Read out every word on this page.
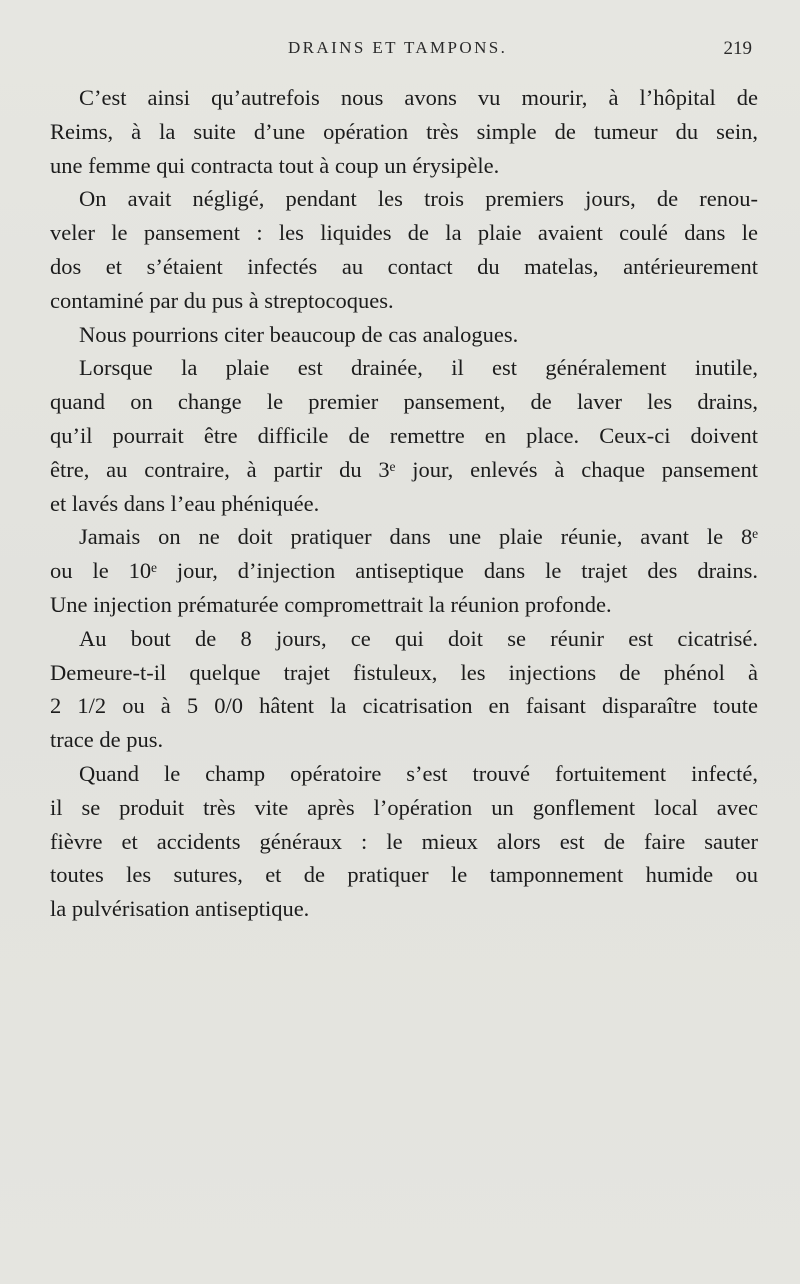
DRAINS ET TAMPONS.	219

C’est ainsi qu’autrefois nous avons vu mourir, à l’hôpital de
Reims, à la suite d’une opération très simple de tumeur du sein,
une femme qui contracta tout à coup un érysipèle.

On avait négligé, pendant les trois premiers jours, de renou-
veler le pansement : les liquides de la plaie avaient coulé dans le
dos et s’étaient infectés au contact du matelas, antérieurement
contaminé par du pus à streptocoques.

Nous pourrions citer beaucoup de cas analogues.

Lorsque la plaie est drainée, il est généralement inutile,
quand on change le premier pansement, de laver les drains,
qu’il pourrait être difficile de remettre en place. Ceux-ci doivent
être, au contraire, à partir du 3ᵉ jour, enlevés à chaque pansement
et lavés dans l’eau phéniquée.

Jamais on ne doit pratiquer dans une plaie réunie, avant le 8ᵉ
ou le 10ᵉ jour, d’injection antiseptique dans le trajet des drains.
Une injection prématurée compromettrait la réunion profonde.

Au bout de 8 jours, ce qui doit se réunir est cicatrisé.
Demeure-t-il quelque trajet fistuleux, les injections de phénol à
2 1/2 ou à 5 0/0 hâtent la cicatrisation en faisant disparaître toute
trace de pus.

Quand le champ opératoire s’est trouvé fortuitement infecté,
il se produit très vite après l’opération un gonflement local avec
fièvre et accidents généraux : le mieux alors est de faire sauter
toutes les sutures, et de pratiquer le tamponnement humide ou
la pulvérisation antiseptique.
